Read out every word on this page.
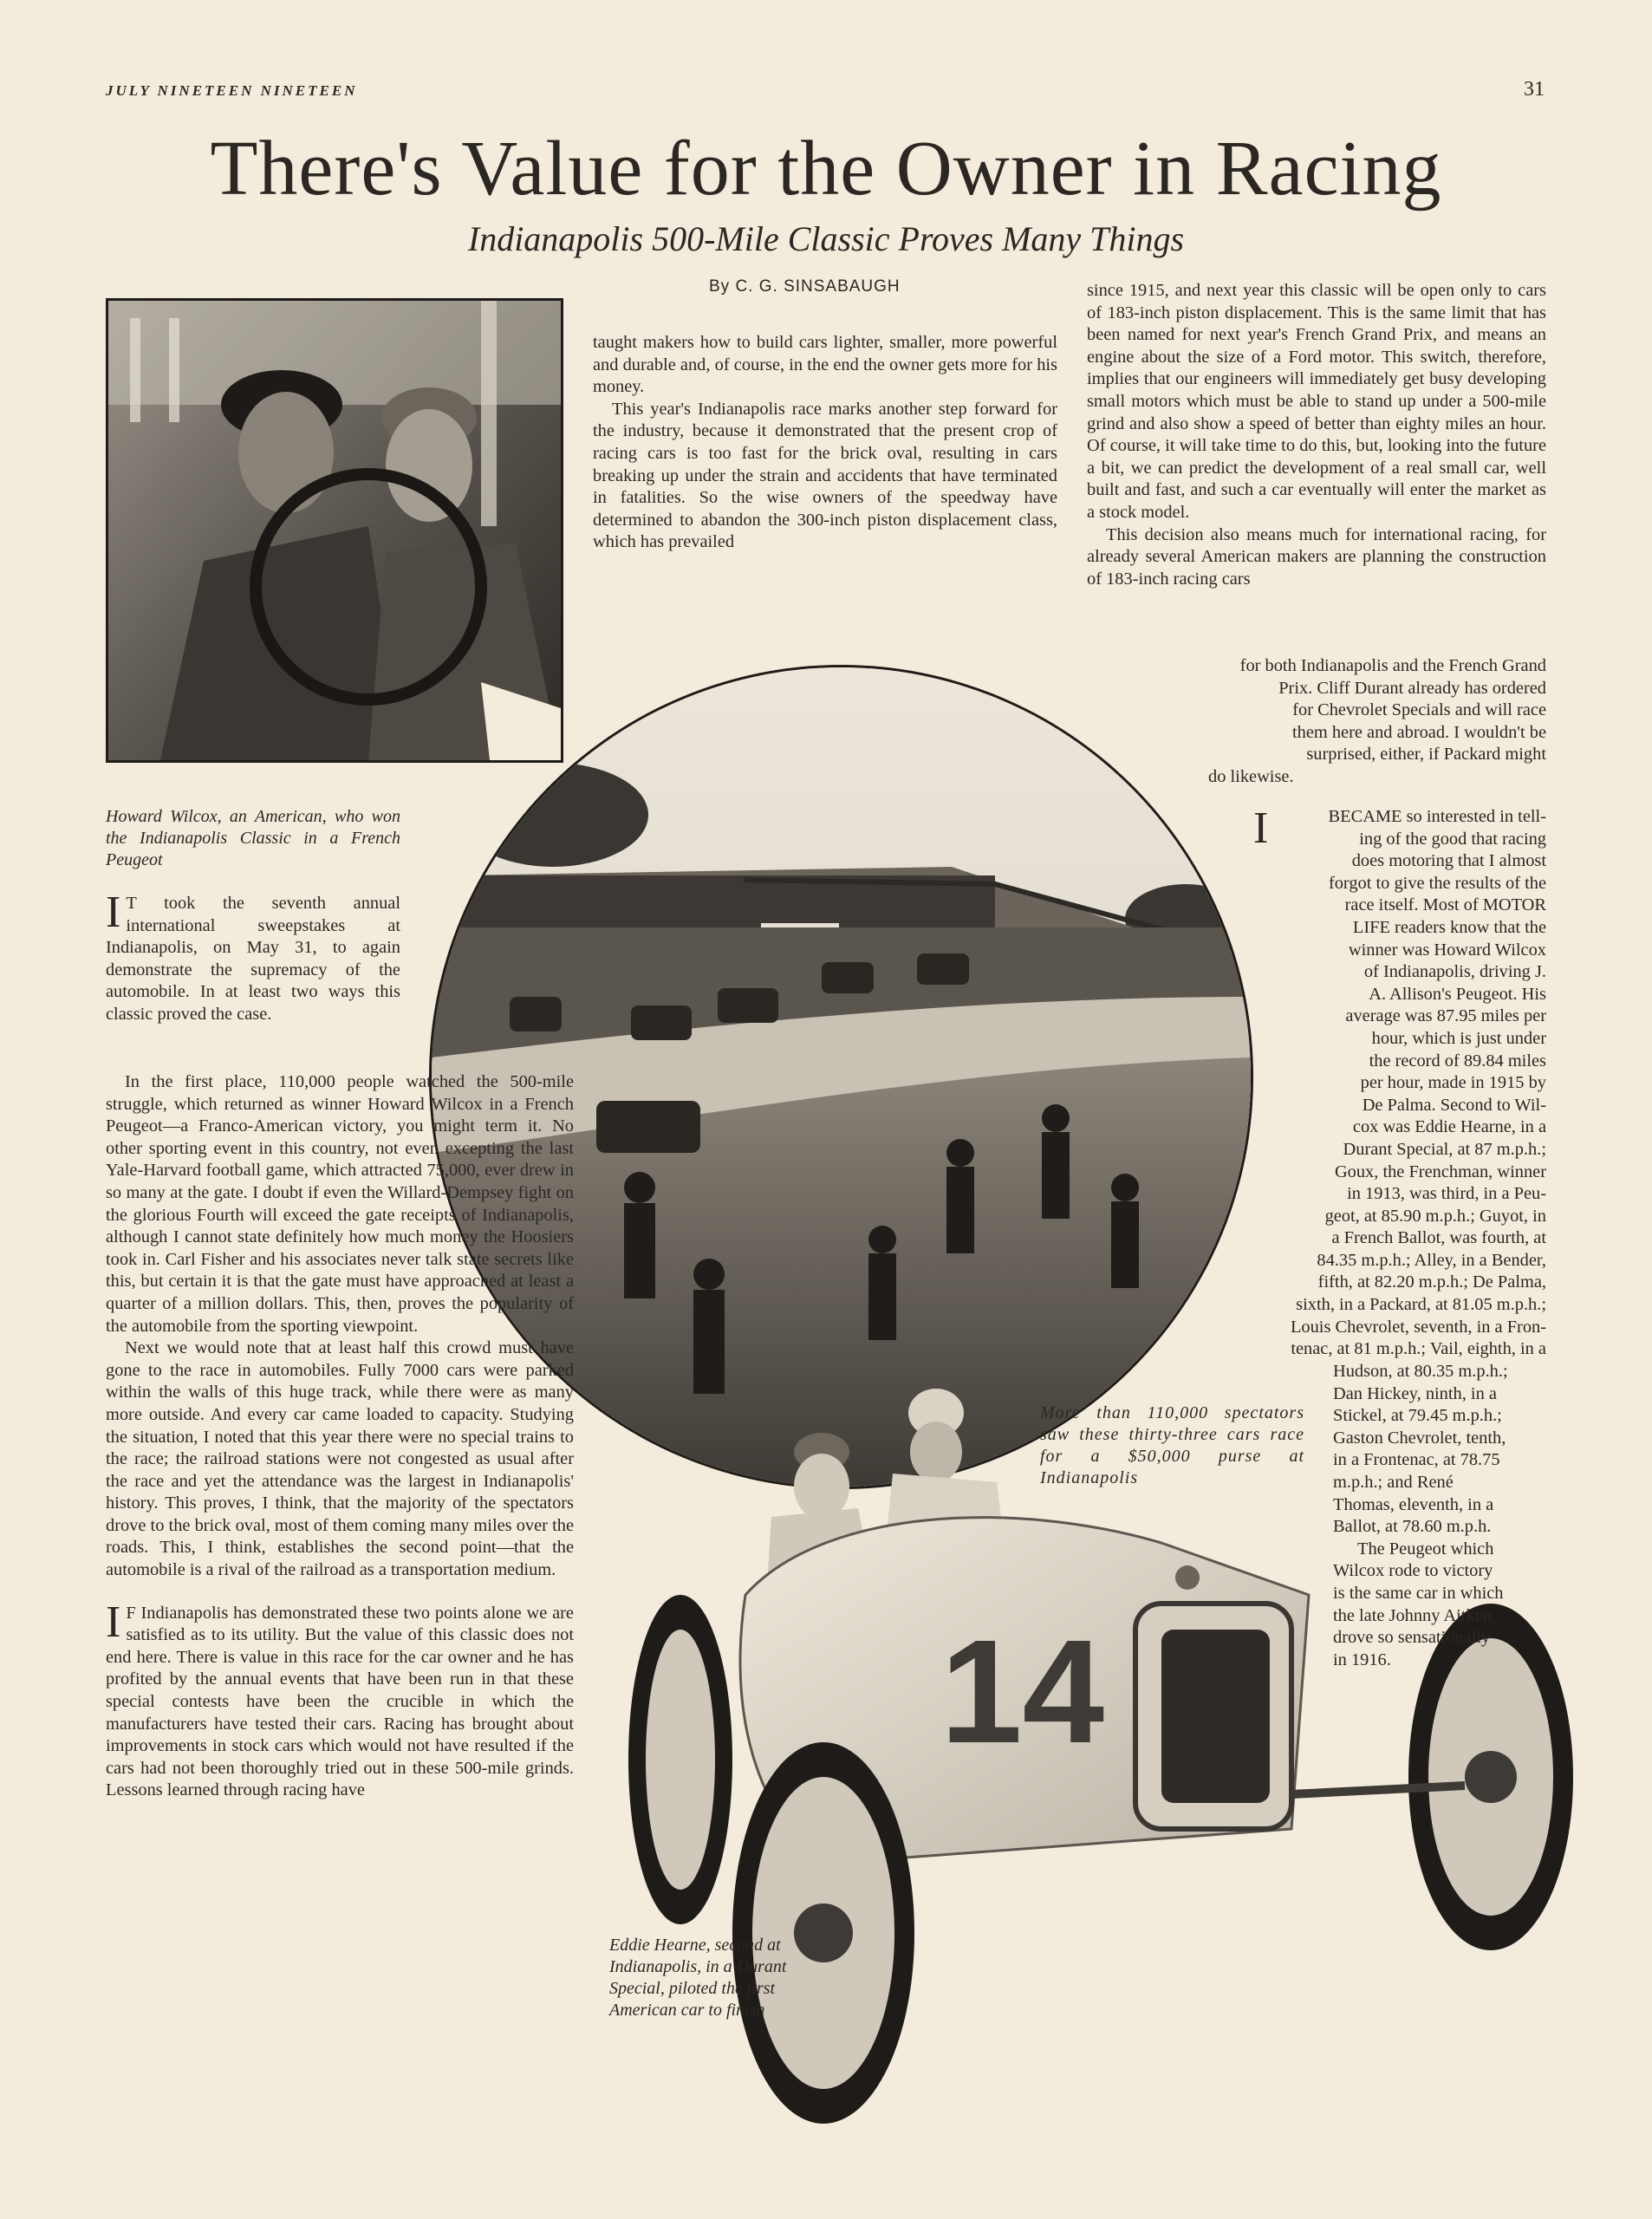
JULY NINETEEN NINETEEN	31
There's Value for the Owner in Racing
Indianapolis 500-Mile Classic Proves Many Things
By C. G. SINSABAUGH
Howard Wilcox, an American, who won the Indianapolis Classic in a French Peugeot
More than 110,000 spectators saw these thirty-three cars race for a $50,000 purse at Indianapolis
14
Eddie Hearne, second at Indianapolis, in a Durant Special, piloted the first American car to finish

I T took the seventh annual international sweepstakes at Indianapolis, on May 31, to again demonstrate the supremacy of the automobile. In at least two ways this classic proved the case.

In the first place, 110,000 people watched the 500-mile struggle, which returned as winner Howard Wilcox in a French Peugeot—a Franco-American victory, you might term it. No other sporting event in this country, not even excepting the last Yale-Harvard football game, which attracted 75,000, ever drew in so many at the gate. I doubt if even the Willard-Dempsey fight on the glorious Fourth will exceed the gate receipts of Indianapolis, although I cannot state definitely how much money the Hoosiers took in. Carl Fisher and his associates never talk state secrets like this, but certain it is that the gate must have approached at least a quarter of a million dollars. This, then, proves the popularity of the automobile from the sporting viewpoint.

Next we would note that at least half this crowd must have gone to the race in automobiles. Fully 7000 cars were parked within the walls of this huge track, while there were as many more outside. And every car came loaded to capacity. Studying the situation, I noted that this year there were no special trains to the race; the railroad stations were not congested as usual after the race and yet the attendance was the largest in Indianapolis' history. This proves, I think, that the majority of the spectators drove to the brick oval, most of them coming many miles over the roads. This, I think, establishes the second point—that the automobile is a rival of the railroad as a transportation medium.

I F Indianapolis has demonstrated these two points alone we are satisfied as to its utility. But the value of this classic does not end here. There is value in this race for the car owner and he has profited by the annual events that have been run in that these special contests have been the crucible in which the manufacturers have tested their cars. Racing has brought about improvements in stock cars which would not have resulted if the cars had not been thoroughly tried out in these 500-mile grinds. Lessons learned through racing have

taught makers how to build cars lighter, smaller, more powerful and durable and, of course, in the end the owner gets more for his money.

This year's Indianapolis race marks another step forward for the industry, because it demonstrated that the present crop of racing cars is too fast for the brick oval, resulting in cars breaking up under the strain and accidents that have terminated in fatalities. So the wise owners of the speedway have determined to abandon the 300-inch piston displacement class, which has prevailed

since 1915, and next year this classic will be open only to cars of 183-inch piston displacement. This is the same limit that has been named for next year's French Grand Prix, and means an engine about the size of a Ford motor. This switch, therefore, implies that our engineers will immediately get busy developing small motors which must be able to stand up under a 500-mile grind and also show a speed of better than eighty miles an hour. Of course, it will take time to do this, but, looking into the future a bit, we can predict the development of a real small car, well built and fast, and such a car eventually will enter the market as a stock model.

This decision also means much for international racing, for already several American makers are planning the construction of 183-inch racing cars

for both Indianapolis and the French Grand
Prix. Cliff Durant already has ordered
for Chevrolet Specials and will race
them here and abroad. I wouldn't be
surprised, either, if Packard might
do likewise.
I	BECAME so interested in tell-
ing of the good that racing
does motoring that I almost
forgot to give the results of the
race itself. Most of MOTOR
LIFE readers know that the
winner was Howard Wilcox
of Indianapolis, driving J.
A. Allison's Peugeot. His
average was 87.95 miles per
hour, which is just under
the record of 89.84 miles
per hour, made in 1915 by
De Palma. Second to Wil-
cox was Eddie Hearne, in a
Durant Special, at 87 m.p.h.;
Goux, the Frenchman, winner
in 1913, was third, in a Peu-
geot, at 85.90 m.p.h.; Guyot, in
a French Ballot, was fourth, at
84.35 m.p.h.; Alley, in a Bender,
fifth, at 82.20 m.p.h.; De Palma,
sixth, in a Packard, at 81.05 m.p.h.;
Louis Chevrolet, seventh, in a Fron-
tenac, at 81 m.p.h.; Vail, eighth, in a
Hudson, at 80.35 m.p.h.;
Dan Hickey, ninth, in a
Stickel, at 79.45 m.p.h.;
Gaston Chevrolet, tenth,
in a Frontenac, at 78.75
m.p.h.; and René
Thomas, eleventh, in a
Ballot, at 78.60 m.p.h.
The Peugeot which
Wilcox rode to victory
is the same car in which
the late Johnny Aitken
drove so sensationally
in 1916.
